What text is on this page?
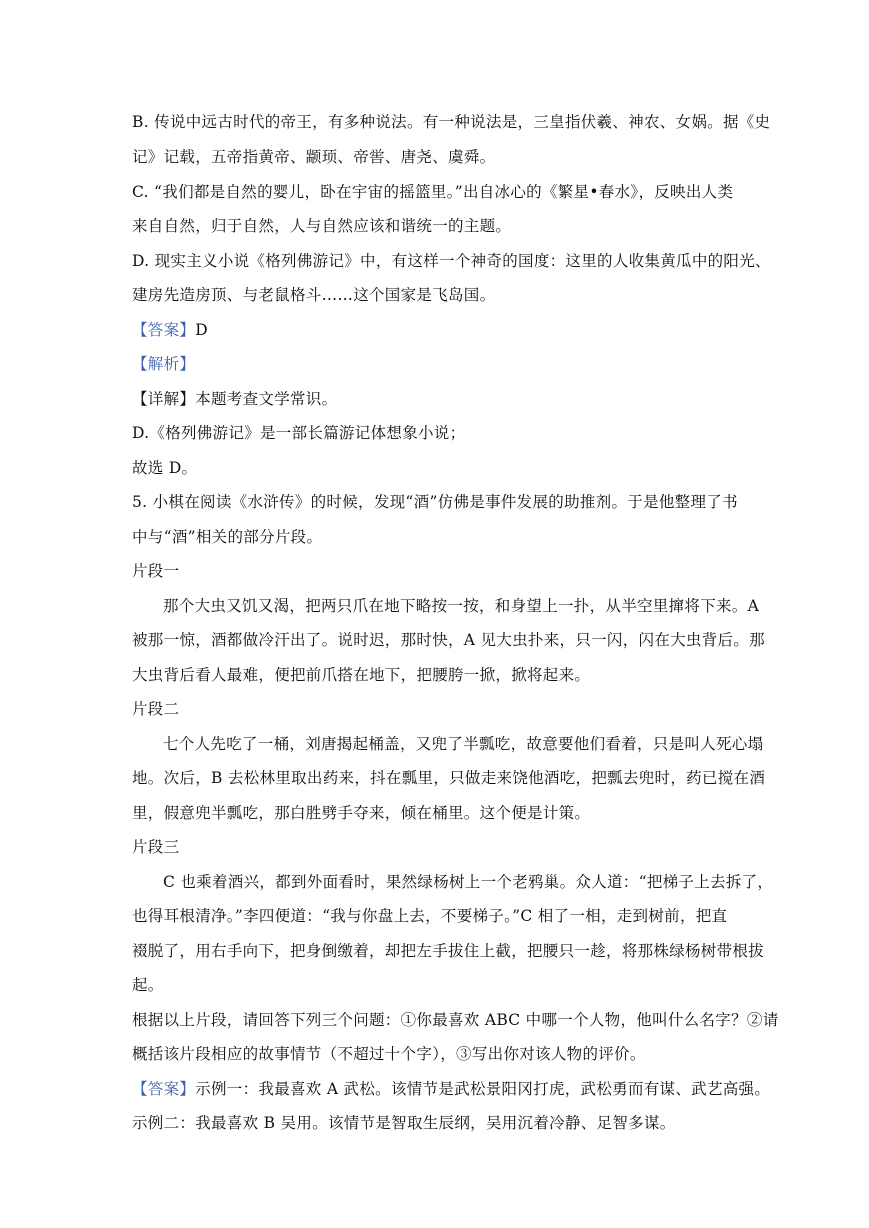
B. 传说中远古时代的帝王，有多种说法。有一种说法是，三皇指伏羲、神农、女娲。据《史
记》记载，五帝指黄帝、颛顼、帝喾、唐尧、虞舜。
C. “我们都是自然的婴儿，卧在宇宙的摇篮里。”出自冰心的《繁星•春水》，反映出人类
来自自然，归于自然，人与自然应该和谐统一的主题。
D. 现实主义小说《格列佛游记》中，有这样一个神奇的国度：这里的人收集黄瓜中的阳光、
建房先造房顶、与老鼠格斗……这个国家是飞岛国。
【答案】D
【解析】
【详解】本题考查文学常识。
D.《格列佛游记》是一部长篇游记体想象小说；
故选 D。
5. 小棋在阅读《水浒传》的时候，发现“酒”仿佛是事件发展的助推剂。于是他整理了书
中与“酒”相关的部分片段。
片段一
那个大虫又饥又渴，把两只爪在地下略按一按，和身望上一扑，从半空里撺将下来。A
被那一惊，酒都做冷汗出了。说时迟，那时快，A 见大虫扑来，只一闪，闪在大虫背后。那
大虫背后看人最难，便把前爪搭在地下，把腰胯一掀，掀将起来。
片段二
七个人先吃了一桶，刘唐揭起桶盖，又兜了半瓢吃，故意要他们看着，只是叫人死心塌
地。次后，B 去松林里取出药来，抖在瓢里，只做走来饶他酒吃，把瓢去兜时，药已搅在酒
里，假意兜半瓢吃，那白胜劈手夺来，倾在桶里。这个便是计策。
片段三
C 也乘着酒兴，都到外面看时，果然绿杨树上一个老鸦巢。众人道：“把梯子上去拆了，
也得耳根清净。”李四便道：“我与你盘上去，不要梯子。”C 相了一相，走到树前，把直
裰脱了，用右手向下，把身倒缴着，却把左手拔住上截，把腰只一趁，将那株绿杨树带根拔
起。
根据以上片段，请回答下列三个问题：①你最喜欢 ABC 中哪一个人物，他叫什么名字？②请
概括该片段相应的故事情节（不超过十个字），③写出你对该人物的评价。
【答案】示例一：我最喜欢 A 武松。该情节是武松景阳冈打虎，武松勇而有谋、武艺高强。
示例二：我最喜欢 B 吴用。该情节是智取生辰纲，吴用沉着冷静、足智多谋。
